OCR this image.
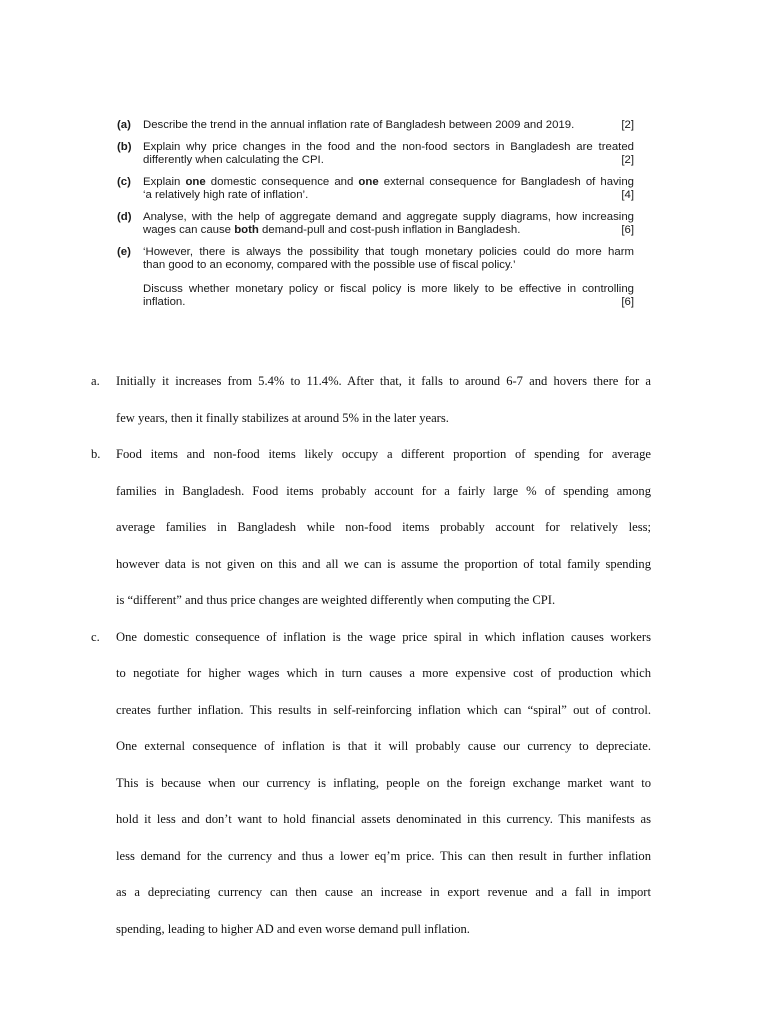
(a)	Describe the trend in the annual inflation rate of Bangladesh between 2009 and 2019.	[2]
(b)	Explain why price changes in the food and the non-food sectors in Bangladesh are treated
differently when calculating the CPI.	[2]
(c)	Explain one domestic consequence and one external consequence for Bangladesh of having
‘a relatively high rate of inflation’.	[4]
(d)	Analyse, with the help of aggregate demand and aggregate supply diagrams, how increasing
wages can cause both demand-pull and cost-push inflation in Bangladesh.	[6]
(e)	‘However, there is always the possibility that tough monetary policies could do more harm
than good to an economy, compared with the possible use of fiscal policy.’
Discuss whether monetary policy or fiscal policy is more likely to be effective in controlling
inflation.	[6]
a.	Initially it increases from 5.4% to 11.4%. After that, it falls to around 6-7 and hovers there for a
few years, then it finally stabilizes at around 5% in the later years.
b.	Food items and non-food items likely occupy a different proportion of spending for average
families in Bangladesh. Food items probably account for a fairly large % of spending among
average families in Bangladesh while non-food items probably account for relatively less;
however data is not given on this and all we can is assume the proportion of total family spending
is “different” and thus price changes are weighted differently when computing the CPI.
c.	One domestic consequence of inflation is the wage price spiral in which inflation causes workers
to negotiate for higher wages which in turn causes a more expensive cost of production which
creates further inflation. This results in self-reinforcing inflation which can “spiral” out of control.
One external consequence of inflation is that it will probably cause our currency to depreciate.
This is because when our currency is inflating, people on the foreign exchange market want to
hold it less and don’t want to hold financial assets denominated in this currency. This manifests as
less demand for the currency and thus a lower eq’m price. This can then result in further inflation
as a depreciating currency can then cause an increase in export revenue and a fall in import
spending, leading to higher AD and even worse demand pull inflation.
